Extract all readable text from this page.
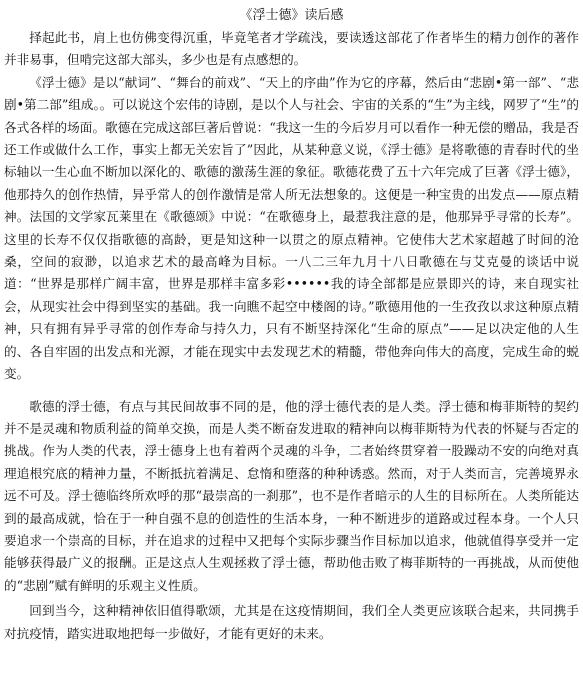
《浮士德》读后感

择起此书，肩上也仿佛变得沉重，毕竟笔者才学疏浅，要读透这部花了作者毕生的精力创作的著作并非易事，但啃完这部大部头，多少也是有点感想的。

《浮士德》是以“献词”、“舞台的前戏”、“天上的序曲”作为它的序幕，然后由“悲剧•第一部”、“悲剧•第二部”组成。。可以说这个宏伟的诗剧，是以个人与社会、宇宙的关系的“生”为主线，网罗了“生”的各式各样的场面。歌德在完成这部巨著后曾说：“我这一生的今后岁月可以看作一种无偿的赠品，我是否还工作或做什么工作，事实上都无关宏旨了”因此，从某种意义说，《浮士德》是将歌德的青春时代的坐标轴以一生心血不断加以深化的、歌德的激荡生涯的象征。歌德花费了五十六年完成了巨著《浮士德》，他那持久的创作热情，异乎常人的创作激情是常人所无法想象的。这便是一种宝贵的出发点——原点精神。法国的文学家瓦莱里在《歌德颂》中说：“在歌德身上，最惹我注意的是，他那异乎寻常的长寿”。这里的长寿不仅仅指歌德的高龄，更是知这种一以贯之的原点精神。它使伟大艺术家超越了时间的沧桑，空间的寂渺，以追求艺术的最高峰为目标。一八二三年九月十八日歌德在与艾克曼的谈话中说道：“世界是那样广阔丰富，世界是那样丰富多彩••••••我的诗全部都是应景即兴的诗，来自现实社会，从现实社会中得到坚实的基础。我一向瞧不起空中楼阁的诗。”歌德用他的一生孜孜以求这种原点精神，只有拥有异乎寻常的创作寿命与持久力，只有不断坚持深化“生命的原点”——足以决定他的人生的、各自牢固的出发点和光源，才能在现实中去发现艺术的精髓，带他奔向伟大的高度，完成生命的蜕变。

歌德的浮士德，有点与其民间故事不同的是，他的浮士德代表的是人类。浮士德和梅菲斯特的契约并不是灵魂和物质利益的简单交换，而是人类不断奋发进取的精神向以梅菲斯特为代表的怀疑与否定的挑战。作为人类的代表，浮士德身上也有着两个灵魂的斗争，二者始终贯穿着一股躁动不安的向绝对真理追根究底的精神力量，不断抵抗着满足、怠惰和堕落的种种诱惑。然而，对于人类而言，完善境界永远不可及。浮士德临终所欢呼的那“最崇高的一刹那”，也不是作者暗示的人生的目标所在。人类所能达到的最高成就，恰在于一种自强不息的创造性的生活本身，一种不断进步的道路或过程本身。一个人只要追求一个崇高的目标，并在追求的过程中又把每个实际步骤当作目标加以追求，他就值得享受并一定能够获得最广义的报酬。正是这点人生观拯救了浮士德，帮助他击败了梅菲斯特的一再挑战，从而使他的“悲剧”赋有鲜明的乐观主义性质。

回到当今，这种精神依旧值得歌颂，尤其是在这疫情期间，我们全人类更应该联合起来，共同携手对抗疫情，踏实进取地把每一步做好，才能有更好的未来。
